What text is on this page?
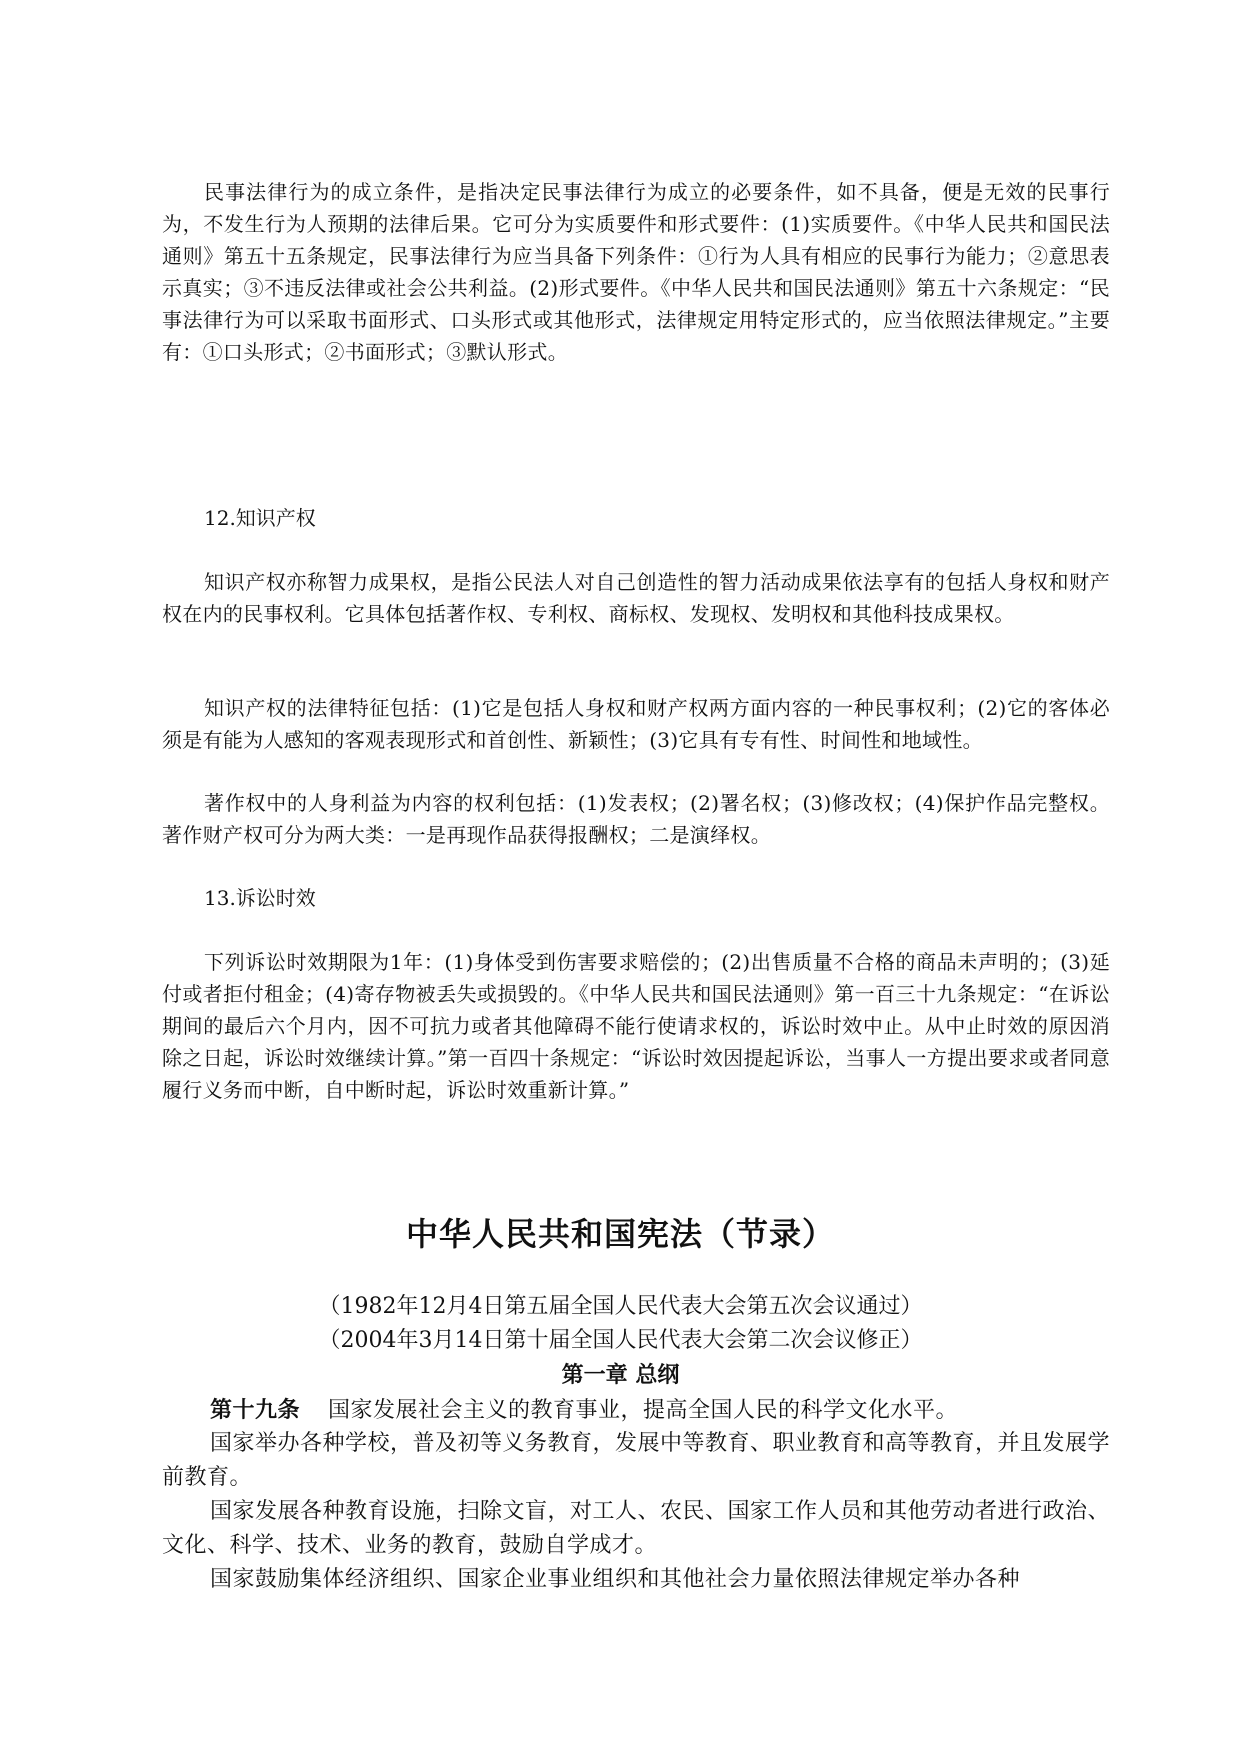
民事法律行为的成立条件，是指决定民事法律行为成立的必要条件，如不具备，便是无效的民事行为，不发生行为人预期的法律后果。它可分为实质要件和形式要件：(1)实质要件。《中华人民共和国民法通则》第五十五条规定，民事法律行为应当具备下列条件：①行为人具有相应的民事行为能力；②意思表示真实；③不违反法律或社会公共利益。(2)形式要件。《中华人民共和国民法通则》第五十六条规定：“民事法律行为可以采取书面形式、口头形式或其他形式，法律规定用特定形式的，应当依照法律规定。”主要有：①口头形式；②书面形式；③默认形式。

12.知识产权

知识产权亦称智力成果权，是指公民法人对自己创造性的智力活动成果依法享有的包括人身权和财产权在内的民事权利。它具体包括著作权、专利权、商标权、发现权、发明权和其他科技成果权。

知识产权的法律特征包括：(1)它是包括人身权和财产权两方面内容的一种民事权利；(2)它的客体必须是有能为人感知的客观表现形式和首创性、新颖性；(3)它具有专有性、时间性和地域性。

著作权中的人身利益为内容的权利包括：(1)发表权；(2)署名权；(3)修改权；(4)保护作品完整权。著作财产权可分为两大类：一是再现作品获得报酬权；二是演绎权。

13.诉讼时效

下列诉讼时效期限为1年：(1)身体受到伤害要求赔偿的；(2)出售质量不合格的商品未声明的；(3)延付或者拒付租金；(4)寄存物被丢失或损毁的。《中华人民共和国民法通则》第一百三十九条规定：“在诉讼期间的最后六个月内，因不可抗力或者其他障碍不能行使请求权的，诉讼时效中止。从中止时效的原因消除之日起，诉讼时效继续计算。”第一百四十条规定：“诉讼时效因提起诉讼，当事人一方提出要求或者同意履行义务而中断，自中断时起，诉讼时效重新计算。”

中华人民共和国宪法（节录）

（1982年12月4日第五届全国人民代表大会第五次会议通过）

（2004年3月14日第十届全国人民代表大会第二次会议修正）

第一章 总纲

第十九条 国家发展社会主义的教育事业，提高全国人民的科学文化水平。

国家举办各种学校，普及初等义务教育，发展中等教育、职业教育和高等教育，并且发展学前教育。

国家发展各种教育设施，扫除文盲，对工人、农民、国家工作人员和其他劳动者进行政治、文化、科学、技术、业务的教育，鼓励自学成才。

国家鼓励集体经济组织、国家企业事业组织和其他社会力量依照法律规定举办各种
